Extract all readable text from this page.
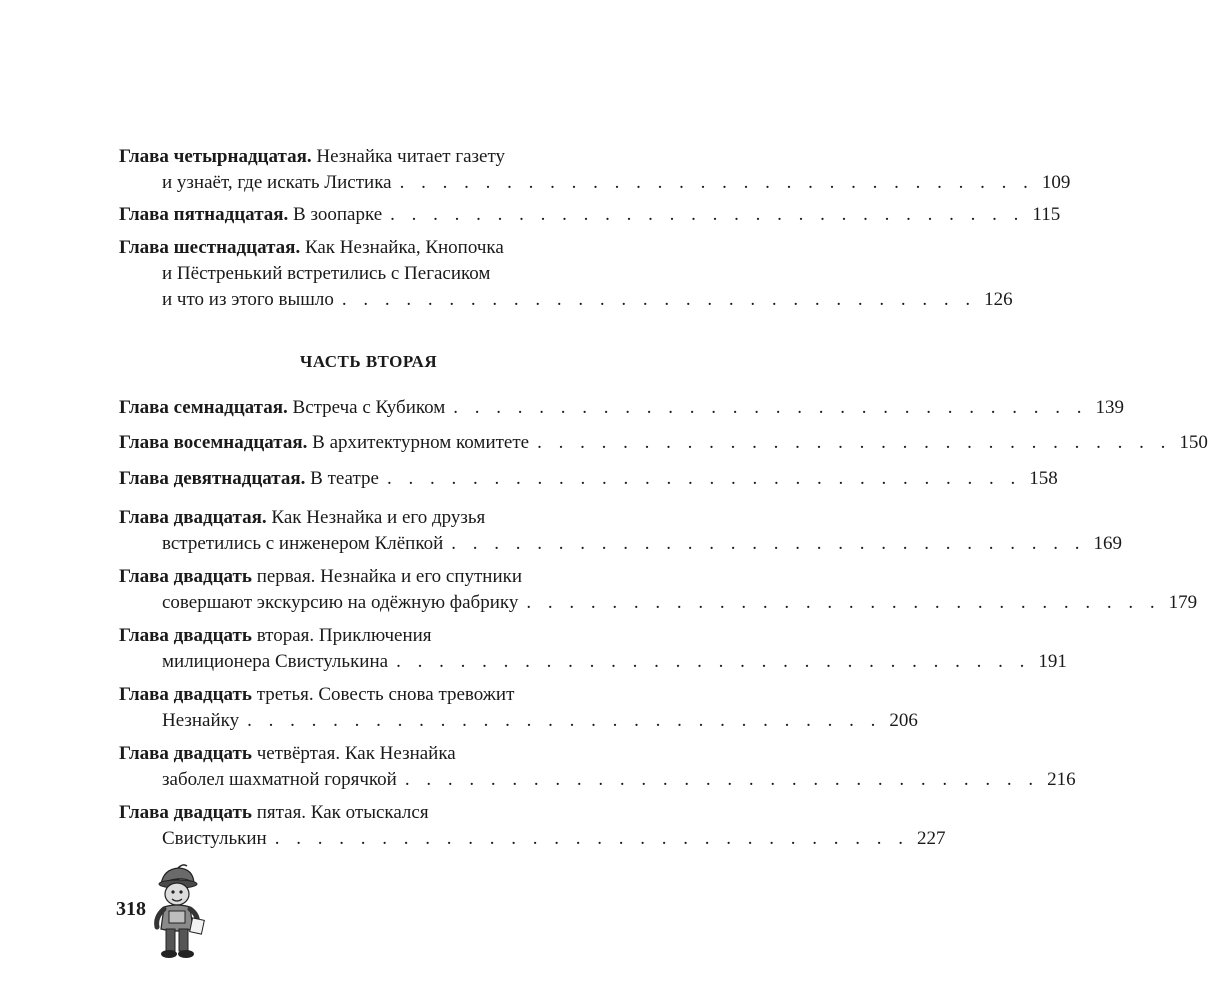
Глава четырнадцатая. Незнайка читает газету
и узнаёт, где искать Листика . . . . . . . . . . . . . . . . . . . . . . . . . . . . . . 109
Глава пятнадцатая. В зоопарке . . . . . . . . . . . . . . . . . . . . . . . . . . . . . . 115
Глава шестнадцатая. Как Незнайка, Кнопочка
и Пёстренький встретились с Пегасиком
и что из этого вышло . . . . . . . . . . . . . . . . . . . . . . . . . . . . . . 126
ЧАСТЬ ВТОРАЯ
Глава семнадцатая. Встреча с Кубиком . . . . . . . . . . . . . . . . . . . . . . . . . . . . . . 139
Глава восемнадцатая. В архитектурном комитете . . . . . . . . . . . . . . . . . . . . . . . . . . . . . . 150
Глава девятнадцатая. В театре . . . . . . . . . . . . . . . . . . . . . . . . . . . . . . 158
Глава двадцатая. Как Незнайка и его друзья
встретились с инженером Клёпкой . . . . . . . . . . . . . . . . . . . . . . . . . . . . . . 169
Глава двадцать первая. Незнайка и его спутники
совершают экскурсию на одёжную фабрику . . . . . . . . . . . . . . . . . . . . . . . . . . . . . . 179
Глава двадцать вторая. Приключения
милиционера Свистулькина . . . . . . . . . . . . . . . . . . . . . . . . . . . . . . 191
Глава двадцать третья. Совесть снова тревожит
Незнайку . . . . . . . . . . . . . . . . . . . . . . . . . . . . . . 206
Глава двадцать четвёртая. Как Незнайка
заболел шахматной горячкой . . . . . . . . . . . . . . . . . . . . . . . . . . . . . . 216
Глава двадцать пятая. Как отыскался
Свистулькин . . . . . . . . . . . . . . . . . . . . . . . . . . . . . . 227
318
